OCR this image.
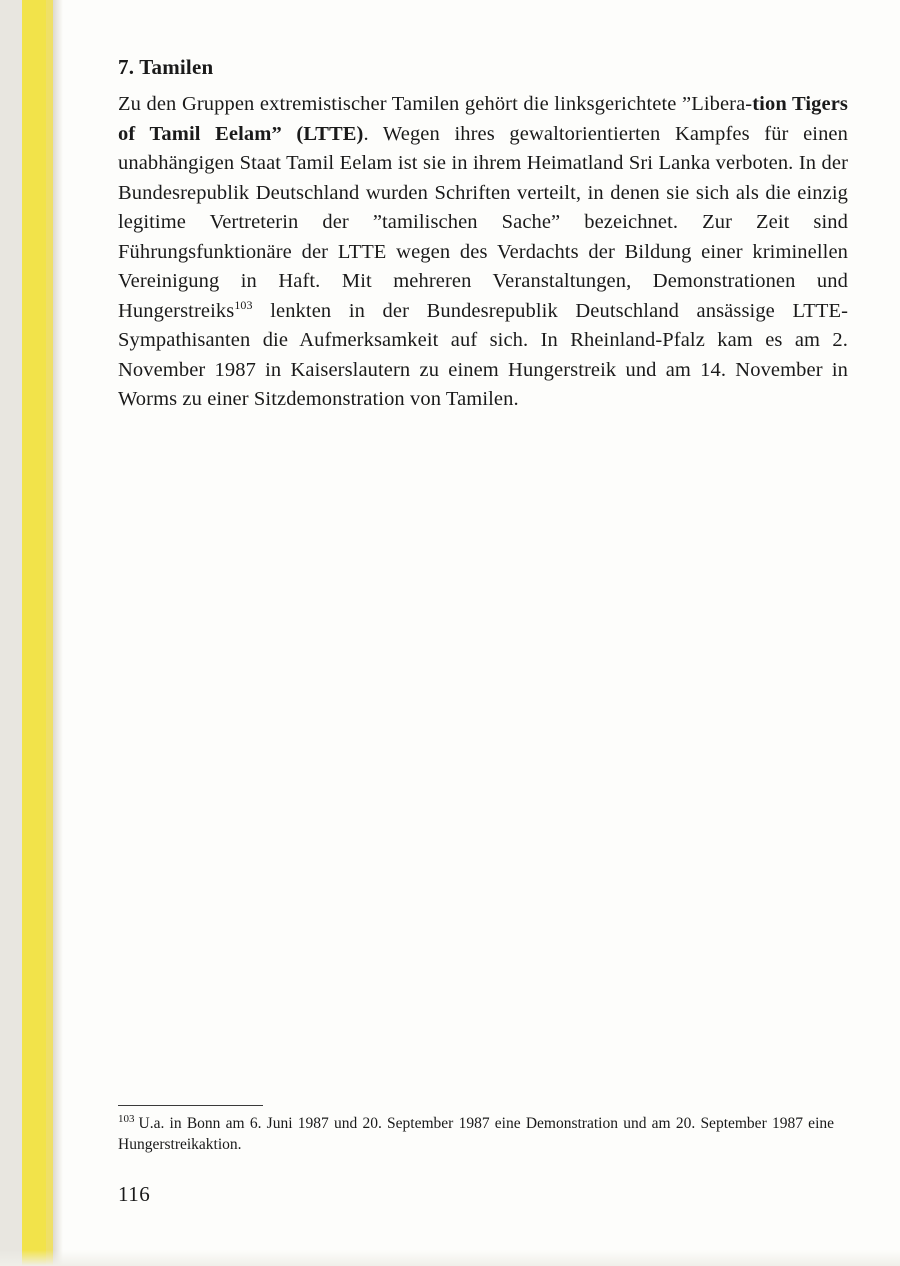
7. Tamilen

Zu den Gruppen extremistischer Tamilen gehört die linksgerichtete ”Libera-tion Tigers of Tamil Eelam” (LTTE). Wegen ihres gewaltorientierten Kampfes für einen unabhängigen Staat Tamil Eelam ist sie in ihrem Heimatland Sri Lanka verboten. In der Bundesrepublik Deutschland wurden Schriften verteilt, in denen sie sich als die einzig legitime Vertreterin der ”tamilischen Sache” bezeichnet. Zur Zeit sind Führungsfunktionäre der LTTE wegen des Verdachts der Bildung einer kriminellen Vereinigung in Haft. Mit mehreren Veranstaltungen, Demonstrationen und Hungerstreiks$^{103}$ lenkten in der Bundesrepublik Deutschland ansässige LTTE-Sympathisanten die Aufmerksamkeit auf sich. In Rheinland-Pfalz kam es am 2. November 1987 in Kaiserslautern zu einem Hungerstreik und am 14. November in Worms zu einer Sitzdemonstration von Tamilen.

$^{103}$ U.a. in Bonn am 6. Juni 1987 und 20. September 1987 eine Demonstration und am 20. September 1987 eine Hungerstreikaktion.
116
